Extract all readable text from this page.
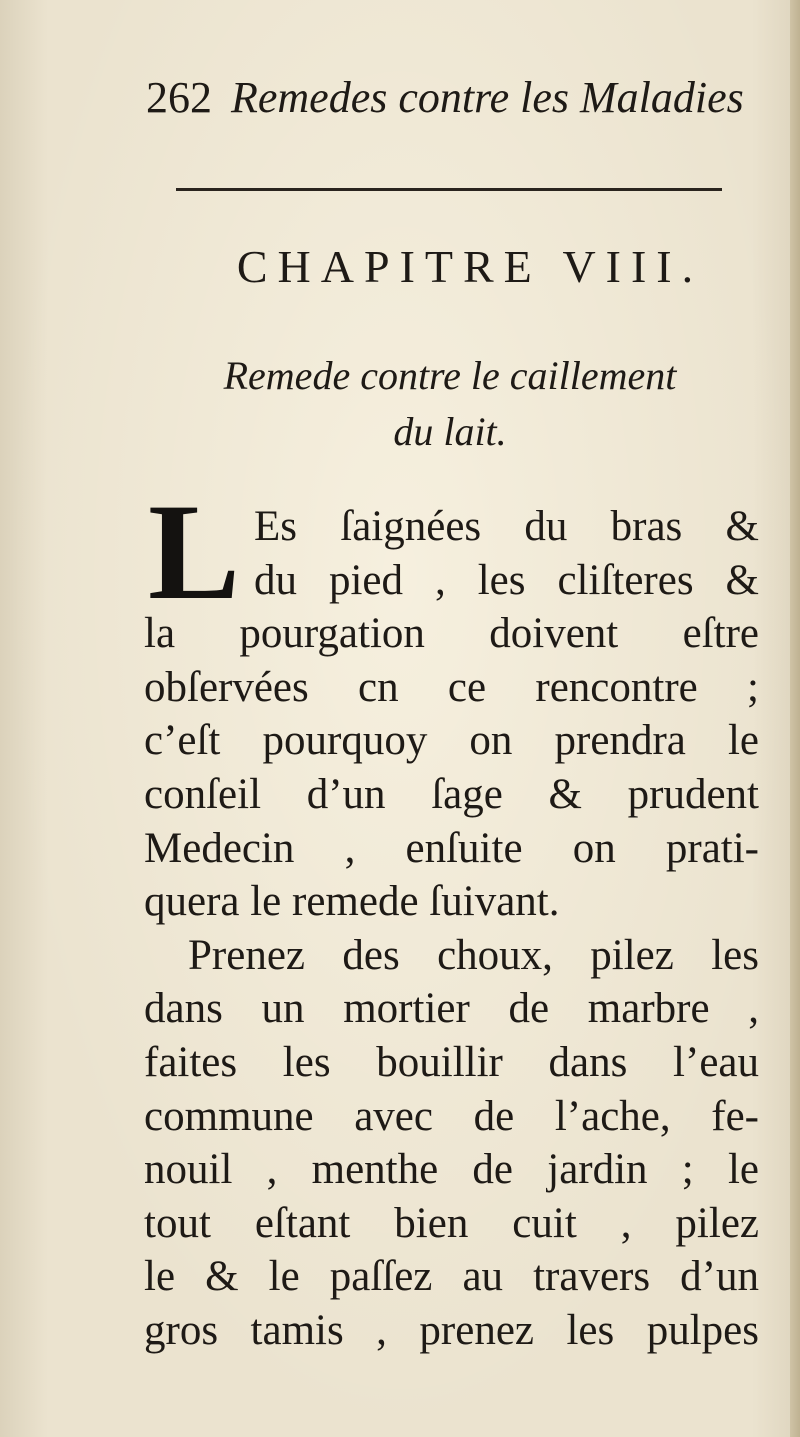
262 Remedes contre les Maladies
CHAPITRE VIII.
Remede contre le caillement
du lait.
L Es ſaignées du bras &
du pied , les cliſteres &
la pourgation doivent eſtre
obſervées cn ce rencontre ;
c’eſt pourquoy on prendra le
conſeil d’un ſage & prudent
Medecin , enſuite on prati-
quera le remede ſuivant.
Prenez des choux, pilez les
dans un mortier de marbre ,
faites les bouillir dans l’eau
commune avec de l’ache, fe-
nouil , menthe de jardin ; le
tout eſtant bien cuit , pilez
le & le paſſez au travers d’un
gros tamis , prenez les pulpes
